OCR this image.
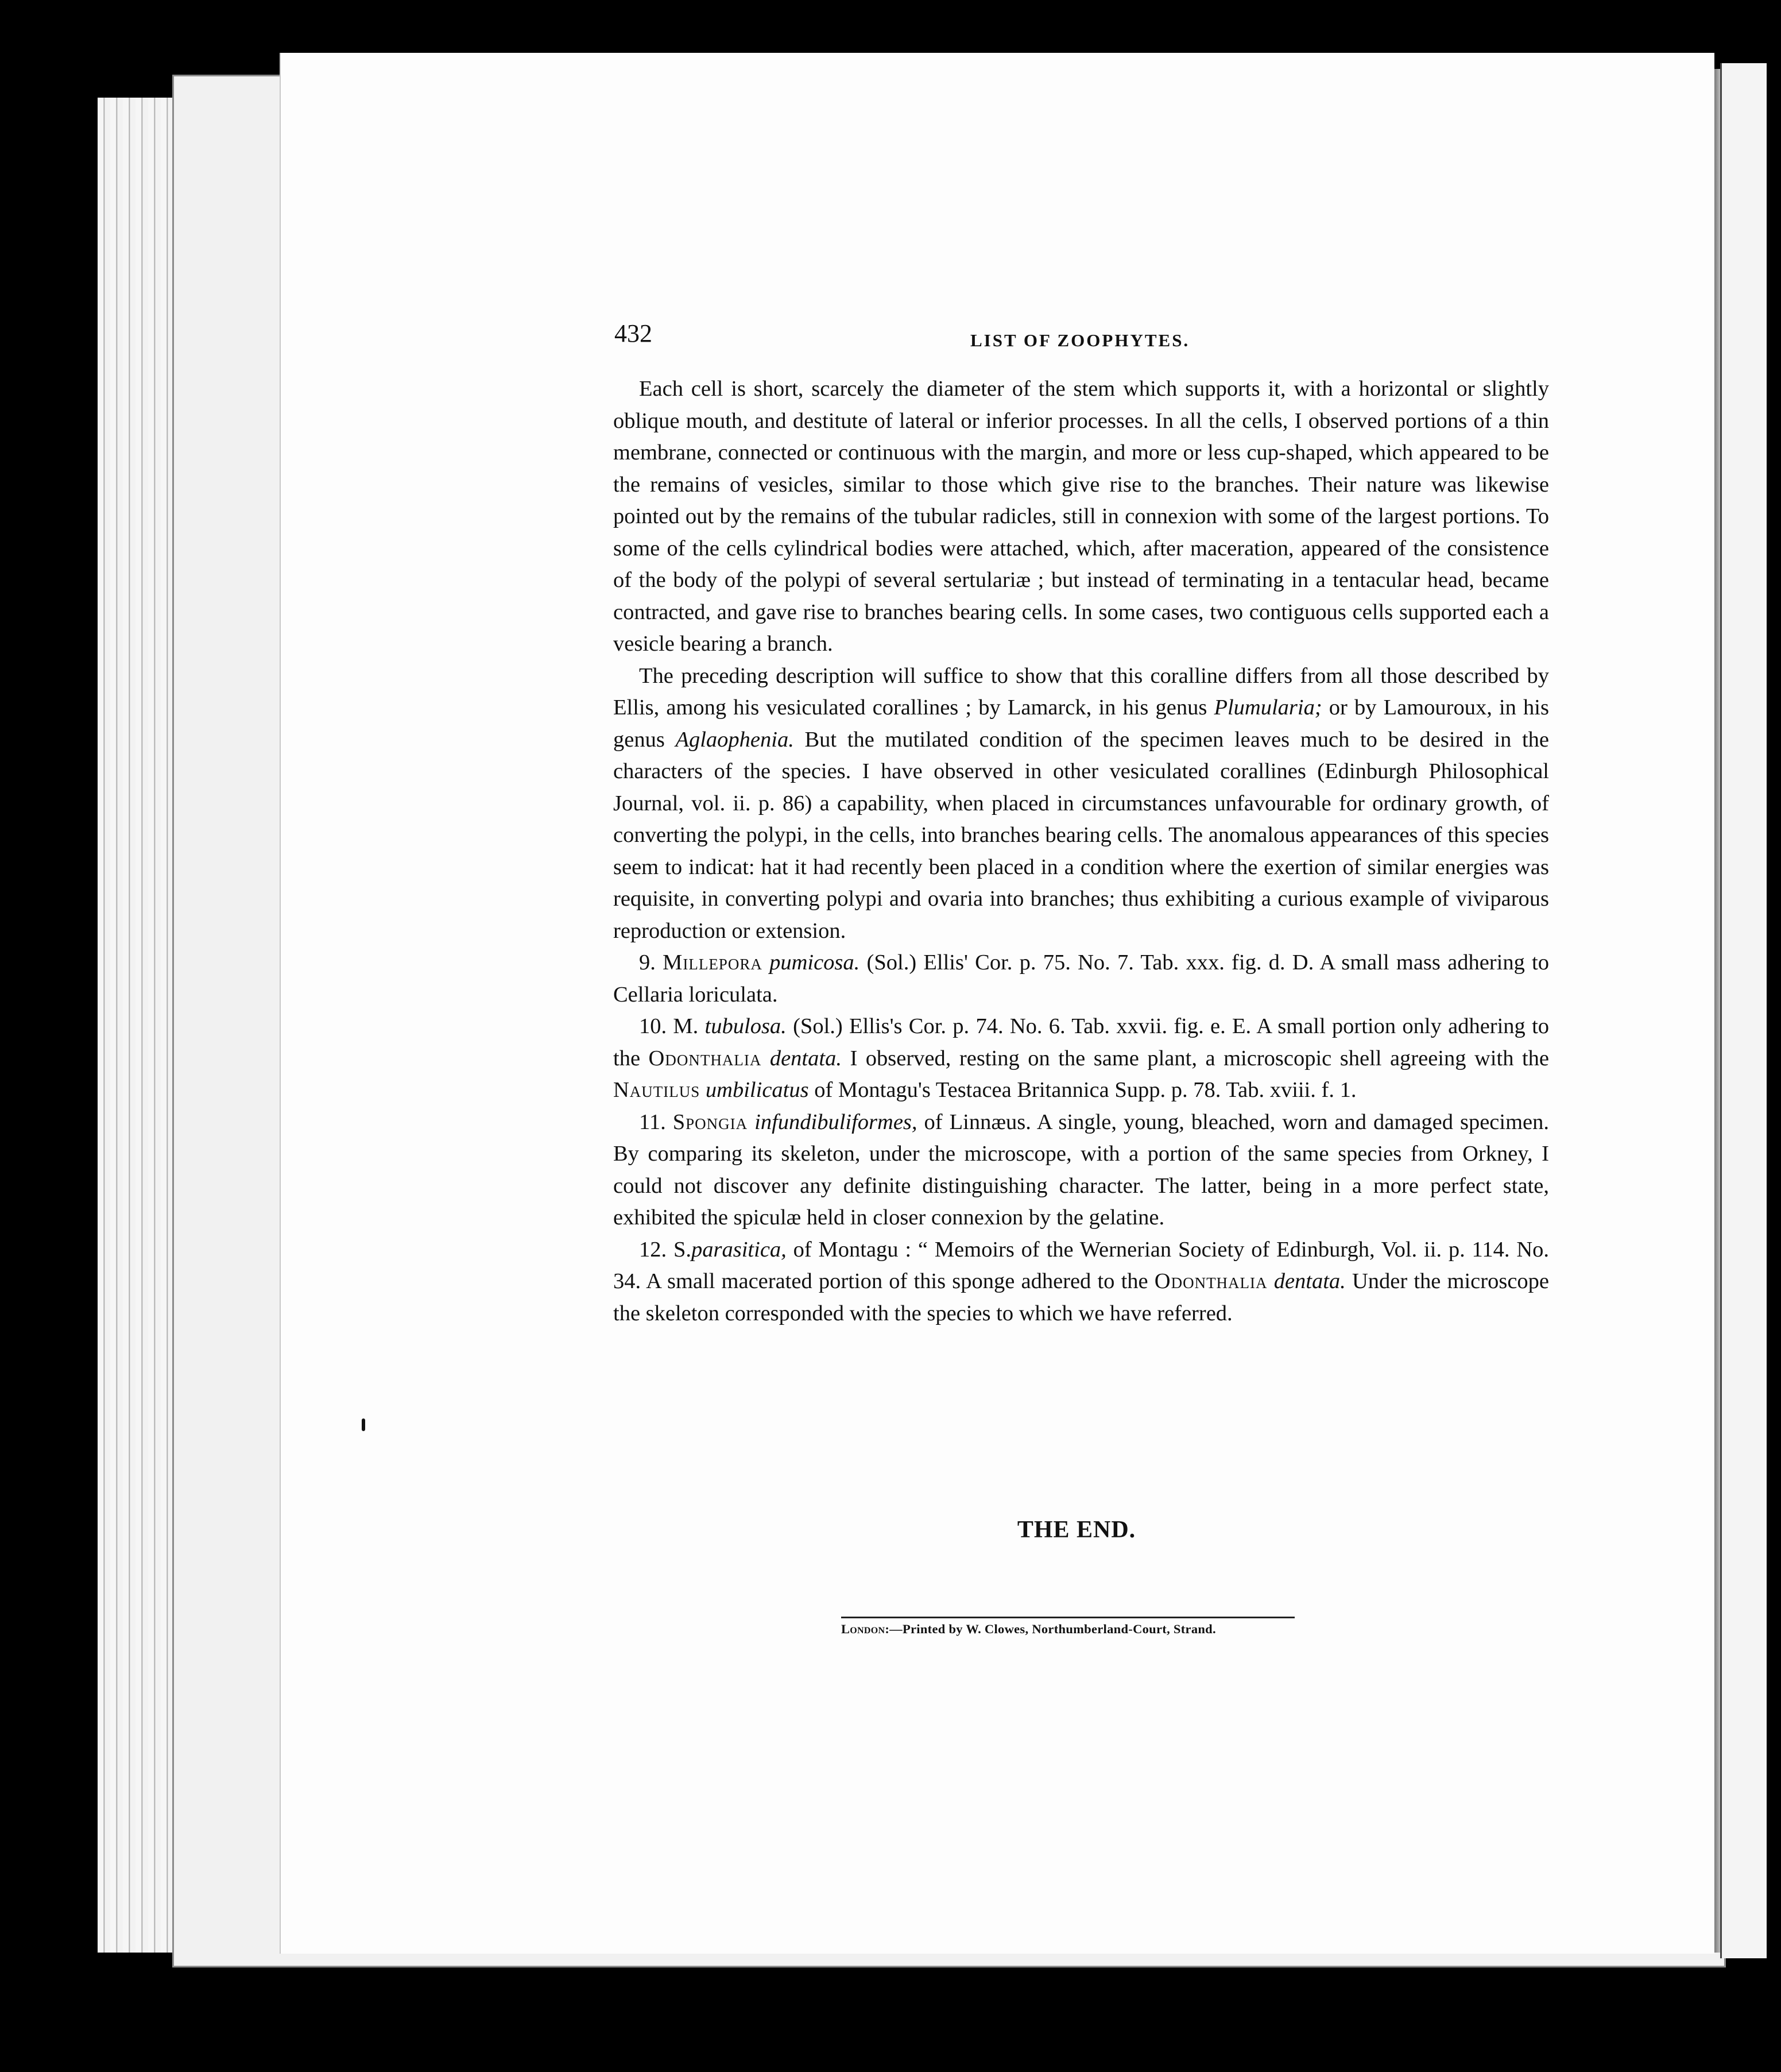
432	LIST OF ZOOPHYTES.

Each cell is short, scarcely the diameter of the stem which supports it, with a horizontal or slightly oblique mouth, and destitute of lateral or inferior processes. In all the cells, I observed portions of a thin membrane, connected or continuous with the margin, and more or less cup-shaped, which appeared to be the remains of vesicles, similar to those which give rise to the branches. Their nature was likewise pointed out by the remains of the tubular radicles, still in connexion with some of the largest portions. To some of the cells cylindrical bodies were attached, which, after maceration, appeared of the consistence of the body of the polypi of several sertulariæ ; but instead of terminating in a tentacular head, became contracted, and gave rise to branches bearing cells. In some cases, two contiguous cells supported each a vesicle bearing a branch.

The preceding description will suffice to show that this coralline differs from all those described by Ellis, among his vesiculated corallines ; by Lamarck, in his genus Plumularia; or by Lamouroux, in his genus Aglaophenia. But the mutilated condition of the specimen leaves much to be desired in the characters of the species. I have observed in other vesiculated corallines (Edinburgh Philosophical Journal, vol. ii. p. 86) a capability, when placed in circumstances unfavourable for ordinary growth, of converting the polypi, in the cells, into branches bearing cells. The anomalous appearances of this species seem to indicat: hat it had recently been placed in a condition where the exertion of similar energies was requisite, in converting polypi and ovaria into branches; thus exhibiting a curious example of viviparous reproduction or extension.

9. Millepora pumicosa. (Sol.) Ellis' Cor. p. 75. No. 7. Tab. xxx. fig. d. D. A small mass adhering to Cellaria loriculata.

10. M. tubulosa. (Sol.) Ellis's Cor. p. 74. No. 6. Tab. xxvii. fig. e. E. A small portion only adhering to the Odonthalia dentata. I observed, resting on the same plant, a microscopic shell agreeing with the Nautilus umbilicatus of Montagu's Testacea Britannica Supp. p. 78. Tab. xviii. f. 1.

11. Spongia infundibuliformes, of Linnæus. A single, young, bleached, worn and damaged specimen. By comparing its skeleton, under the microscope, with a portion of the same species from Orkney, I could not discover any definite distinguishing character. The latter, being in a more perfect state, exhibited the spiculæ held in closer connexion by the gelatine.

12. S.parasitica, of Montagu : “ Memoirs of the Wernerian Society of Edinburgh, Vol. ii. p. 114. No. 34. A small macerated portion of this sponge adhered to the Odonthalia dentata. Under the microscope the skeleton corresponded with the species to which we have referred.

THE END.
London:—Printed by W. Clowes, Northumberland-Court, Strand.
